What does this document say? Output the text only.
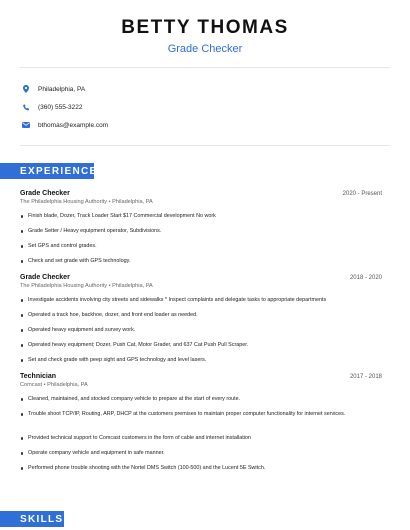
BETTY THOMAS
Grade Checker
Philadelphia, PA
(360) 555-3222
bthomas@example.com
EXPERIENCE
Grade Checker	2020 - Present
The Philadelphia Housing Authority • Philadelphia, PA
Finish blade, Dozer, Track Loader Start $17 Commercial development No work
Grade Setter / Heavy equipment operator, Subdivisions.
Set GPS and control grades.
Check and set grade with GPS technology.
Grade Checker	2018 - 2020
The Philadelphia Housing Authority • Philadelphia, PA
Investigate accidents involving city streets and sidewalks * Inspect complaints and delegate tasks to appropriate departments
Operated a track hoe, backhoe, dozer, and front end loader as needed.
Operated heavy equipment and survey work.
Operated heavy equipment; Dozer, Push Cat, Motor Grader, and 637 Cat Push Pull Scraper.
Set and check grade with peep sight and GPS technology and level lasers.
Technician	2017 - 2018
Comcast • Philadelphia, PA
Cleaned, maintained, and stocked company vehicle to prepare at the start of every route.
Trouble shoot TCP/IP, Routing, ARP, DHCP at the customers premises to maintain proper computer functionality for internet services.
Provided technical support to Comcast customers in the form of cable and internet installation
Operate company vehicle and equipment in safe manner.
Performed phone trouble shooting with the Nortel DMS Switch (100-500) and the Lucent 5E Switch.
SKILLS
